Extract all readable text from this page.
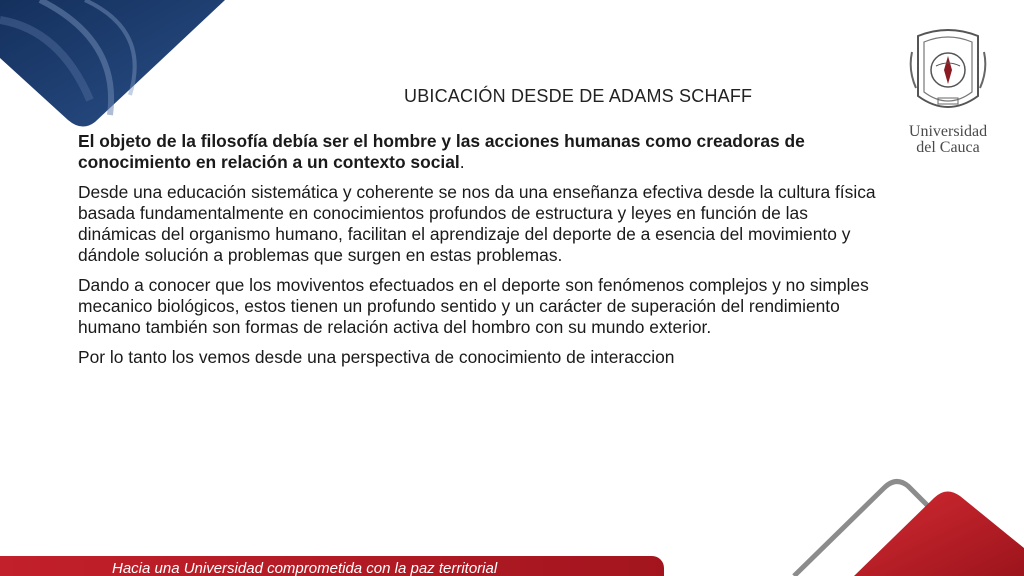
Universidad
del Cauca
UBICACIÓN DESDE DE ADAMS SCHAFF

El objeto de la filosofía debía ser el hombre y las acciones humanas como creadoras de conocimiento en relación a un contexto social.

Desde una educación sistemática y coherente se nos da una enseñanza efectiva desde la cultura física basada fundamentalmente en conocimientos profundos de estructura y leyes en función de las dinámicas del organismo humano, facilitan el aprendizaje del deporte de a esencia del movimiento y dándole solución a problemas que surgen en estas problemas.

Dando a conocer que los moviventos efectuados en el deporte son fenómenos complejos y no simples mecanico biológicos, estos tienen un profundo sentido y un carácter de superación del rendimiento humano también son formas de relación activa del hombro con su mundo exterior.

Por lo tanto los vemos desde una perspectiva de conocimiento de interaccion

Hacia una Universidad comprometida con la paz territorial
